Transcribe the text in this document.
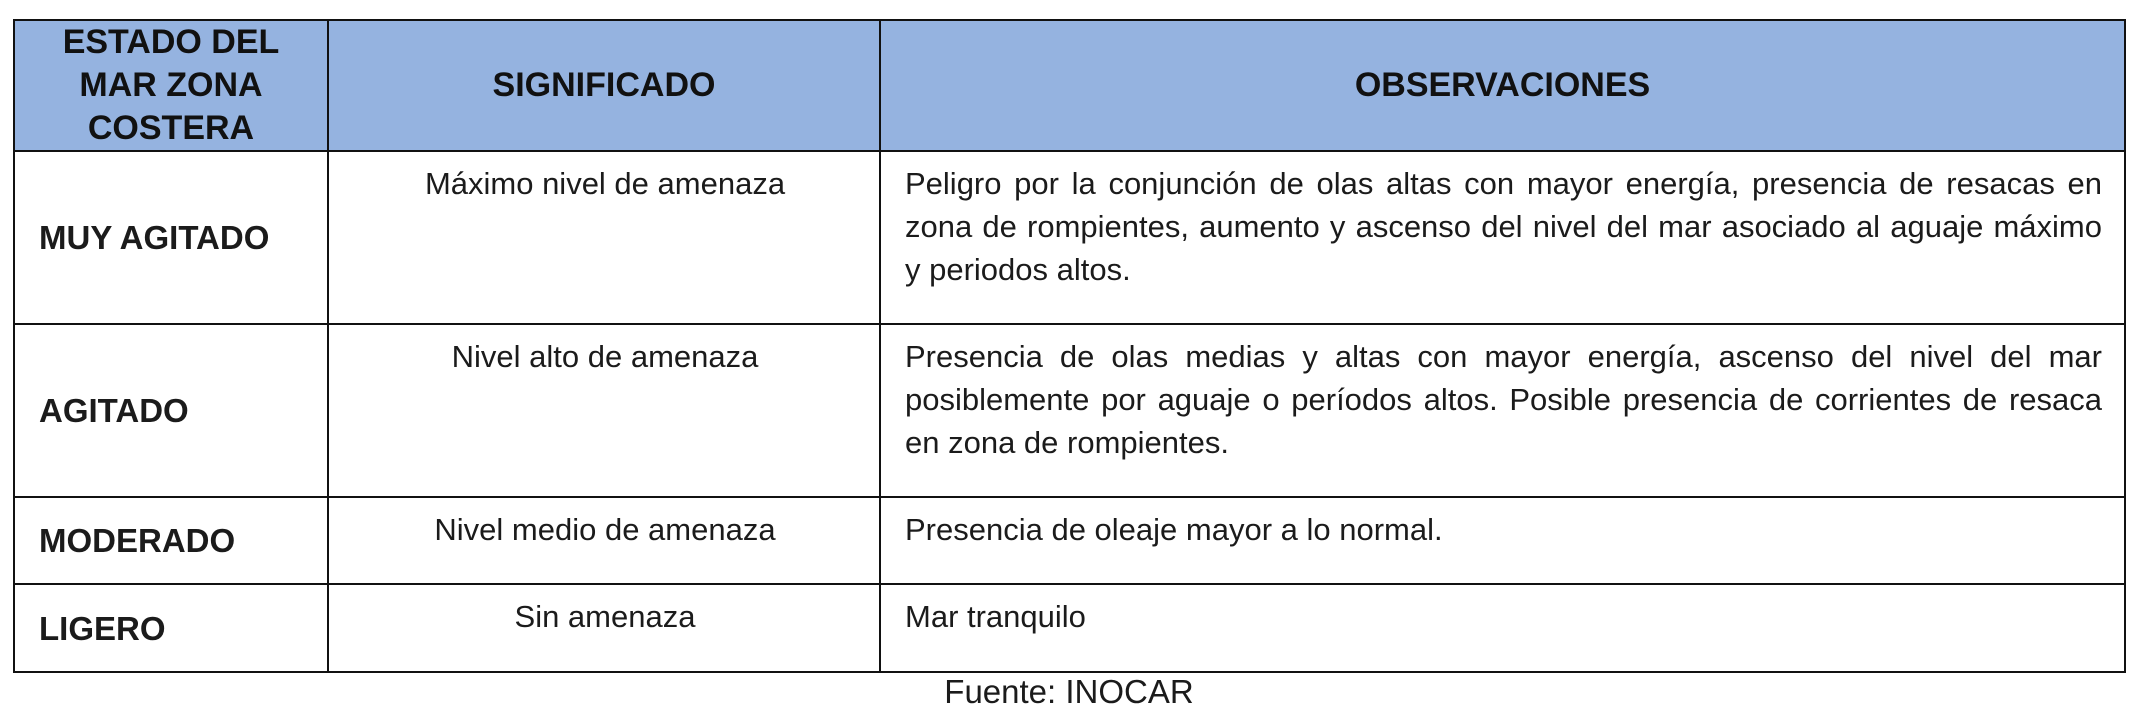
ESTADO DEL MAR ZONA COSTERA	SIGNIFICADO	OBSERVACIONES
MUY AGITADO	Máximo nivel de amenaza	Peligro por la conjunción de olas altas con mayor energía, presencia de resacas en zona de rompientes, aumento y ascenso del nivel del mar asociado al aguaje máximo y periodos altos.
AGITADO	Nivel alto de amenaza	Presencia de olas medias y altas con mayor energía, ascenso del nivel del mar posiblemente por aguaje o períodos altos. Posible presencia de corrientes de resaca en zona de rompientes.
MODERADO	Nivel medio de amenaza	Presencia de oleaje mayor a lo normal.
LIGERO	Sin amenaza	Mar tranquilo
Fuente: INOCAR
